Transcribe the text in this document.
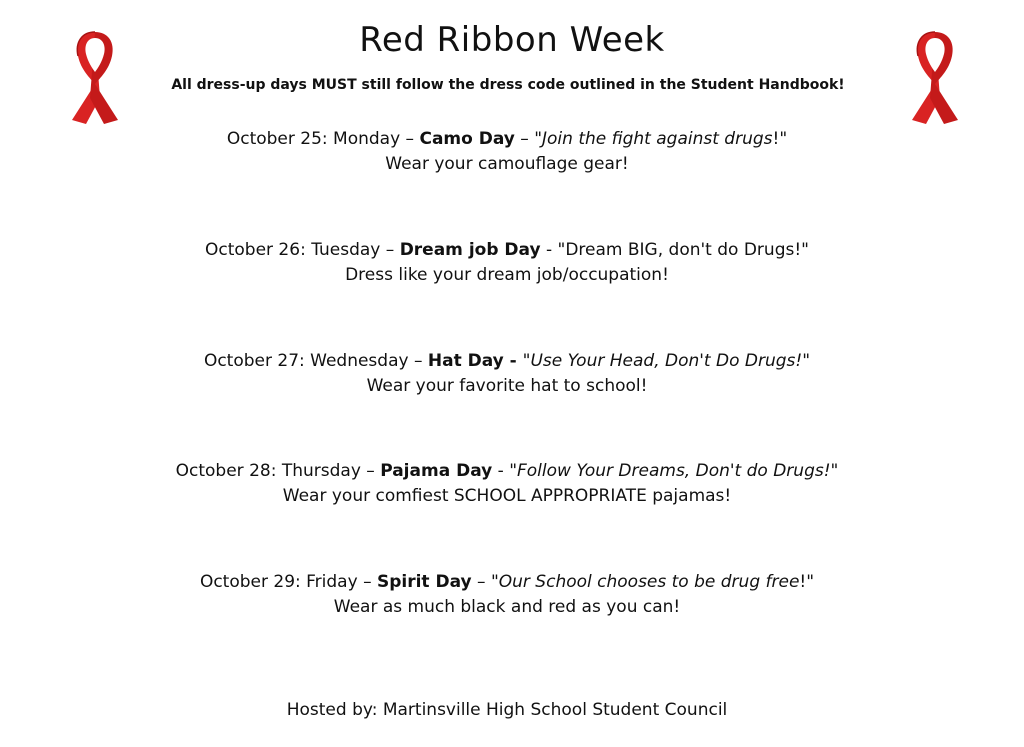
Red Ribbon Week
All dress-up days MUST still follow the dress code outlined in the Student Handbook!
October 25: Monday – Camo Day – "Join the fight against drugs!"
Wear your camouflage gear!
October 26: Tuesday – Dream job Day - "Dream BIG, don't do Drugs!"
Dress like your dream job/occupation!
October 27: Wednesday – Hat Day - "Use Your Head, Don't Do Drugs!"
Wear your favorite hat to school!
October 28: Thursday – Pajama Day - "Follow Your Dreams, Don't do Drugs!"
Wear your comfiest SCHOOL APPROPRIATE pajamas!
October 29: Friday – Spirit Day – "Our School chooses to be drug free!"
Wear as much black and red as you can!
Hosted by: Martinsville High School Student Council
